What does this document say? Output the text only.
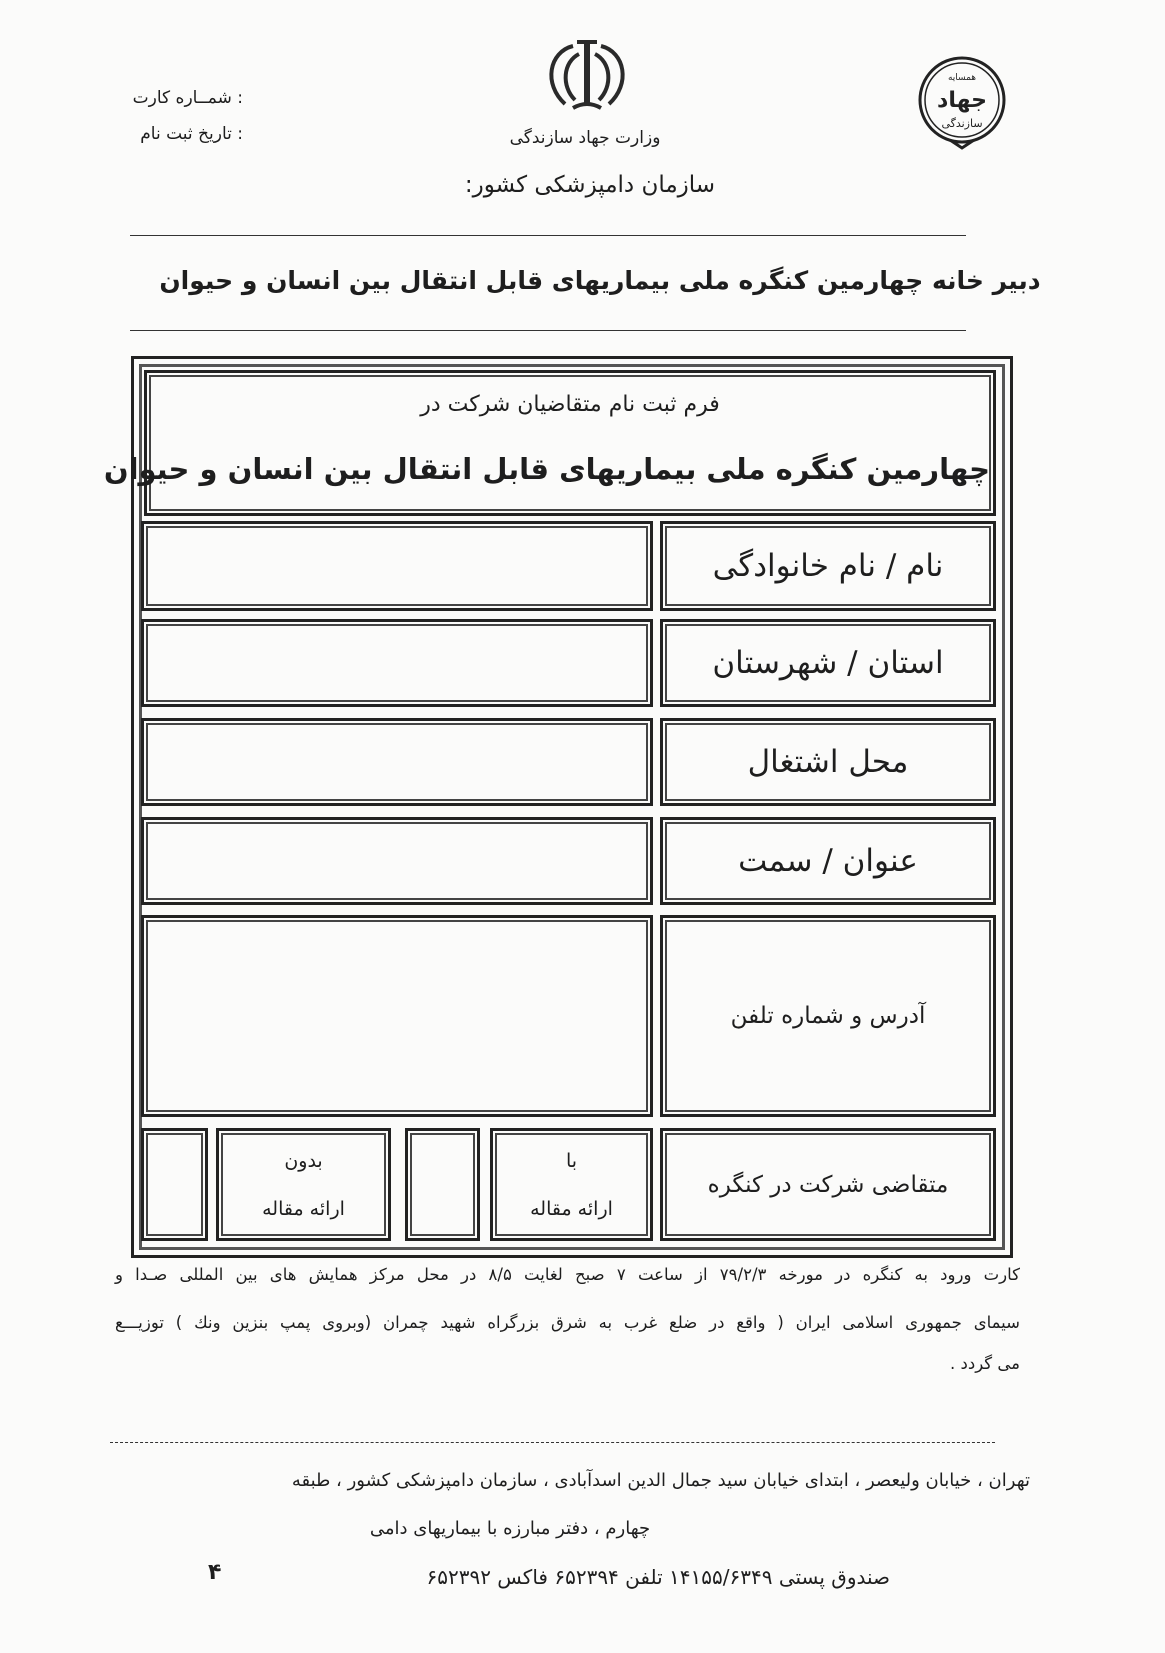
: شمــاره كارت
: تاريخ ثبت نام
همسایه
جهاد
سازندگی
وزارت جهاد سازندگی
سازمان دامپزشکی کشور:
دبير خانه چهارمين كنگره ملى بيماريهاى قابل انتقال بين انسان و حيوان
فرم ثبت نام متقاضيان شركت در
چهارمين كنگره ملى بيماريهاى قابل انتقال بين انسان و حيوان
نام / نام خانوادگی
استان / شهرستان
محل اشتغال
عنوان / سمت
آدرس و شماره تلفن
بدون
ارائه مقاله
با
ارائه مقاله
متقاضی شرکت در کنگره
كارت ورود به كنگره در مورخه ۷۹/۲/۳ از ساعت ۷ صبح لغايت ۸/۵ در محل مركز همايش هاى بين المللى صـدا و
سيماى جمهورى اسلامى ايران ( واقع در ضلع غرب به شرق بزرگراه شهيد چمران (وبروى پمپ بنزين ونك ) توزيـــع
مى گردد .
تهران ، خيابان وليعصر ، ابتداى خيابان سيد جمال الدين اسدآبادى ، سازمان دامپزشكى كشور ، طبقه
چهارم ، دفتر مبارزه با بيماريهاى دامى
صندوق پستى ۱۴۱۵۵/۶۳۴۹ تلفن ۶۵۲۳۹۴ فاكس ۶۵۲۳۹۲
۴
